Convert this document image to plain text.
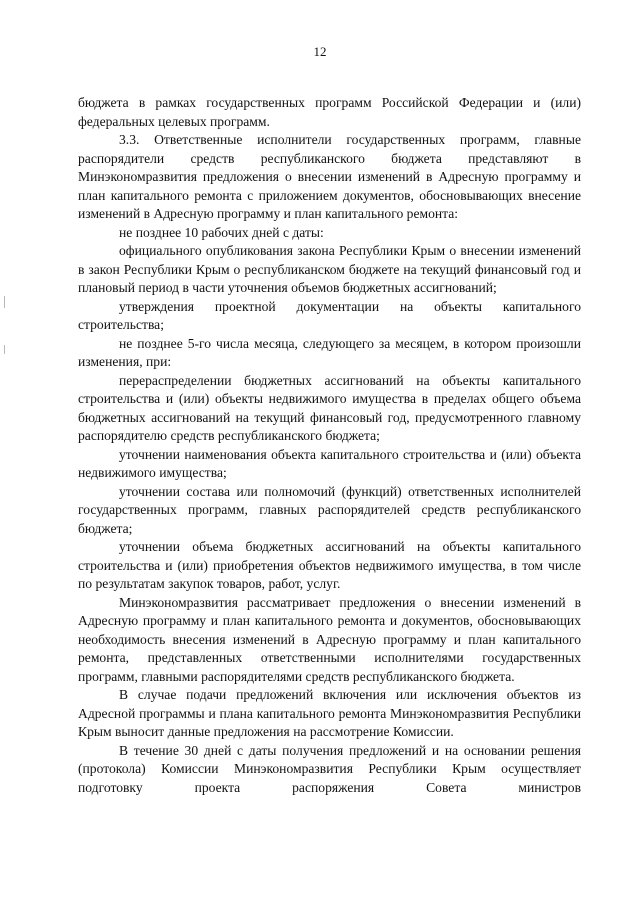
12

бюджета в рамках государственных программ Российской Федерации и (или) федеральных целевых программ.

3.3. Ответственные исполнители государственных программ, главные распорядители средств республиканского бюджета представляют в Минэкономразвития предложения о внесении изменений в Адресную программу и план капитального ремонта с приложением документов, обосновывающих внесение изменений в Адресную программу и план капитального ремонта:

не позднее 10 рабочих дней с даты:

официального опубликования закона Республики Крым о внесении изменений в закон Республики Крым о республиканском бюджете на текущий финансовый год и плановый период в части уточнения объемов бюджетных ассигнований;

утверждения проектной документации на объекты капитального строительства;

не позднее 5-го числа месяца, следующего за месяцем, в котором произошли изменения, при:

перераспределении бюджетных ассигнований на объекты капитального строительства и (или) объекты недвижимого имущества в пределах общего объема бюджетных ассигнований на текущий финансовый год, предусмотренного главному распорядителю средств республиканского бюджета;

уточнении наименования объекта капитального строительства и (или) объекта недвижимого имущества;

уточнении состава или полномочий (функций) ответственных исполнителей государственных программ, главных распорядителей средств республиканского бюджета;

уточнении объема бюджетных ассигнований на объекты капитального строительства и (или) приобретения объектов недвижимого имущества, в том числе по результатам закупок товаров, работ, услуг.

Минэкономразвития рассматривает предложения о внесении изменений в Адресную программу и план капитального ремонта и документов, обосновывающих необходимость внесения изменений в Адресную программу и план капитального ремонта, представленных ответственными исполнителями государственных программ, главными распорядителями средств республиканского бюджета.

В случае подачи предложений включения или исключения объектов из Адресной программы и плана капитального ремонта Минэкономразвития Республики Крым выносит данные предложения на рассмотрение Комиссии.

В течение 30 дней с даты получения предложений и на основании решения (протокола) Комиссии Минэкономразвития Республики Крым осуществляет подготовку проекта распоряжения Совета министров
